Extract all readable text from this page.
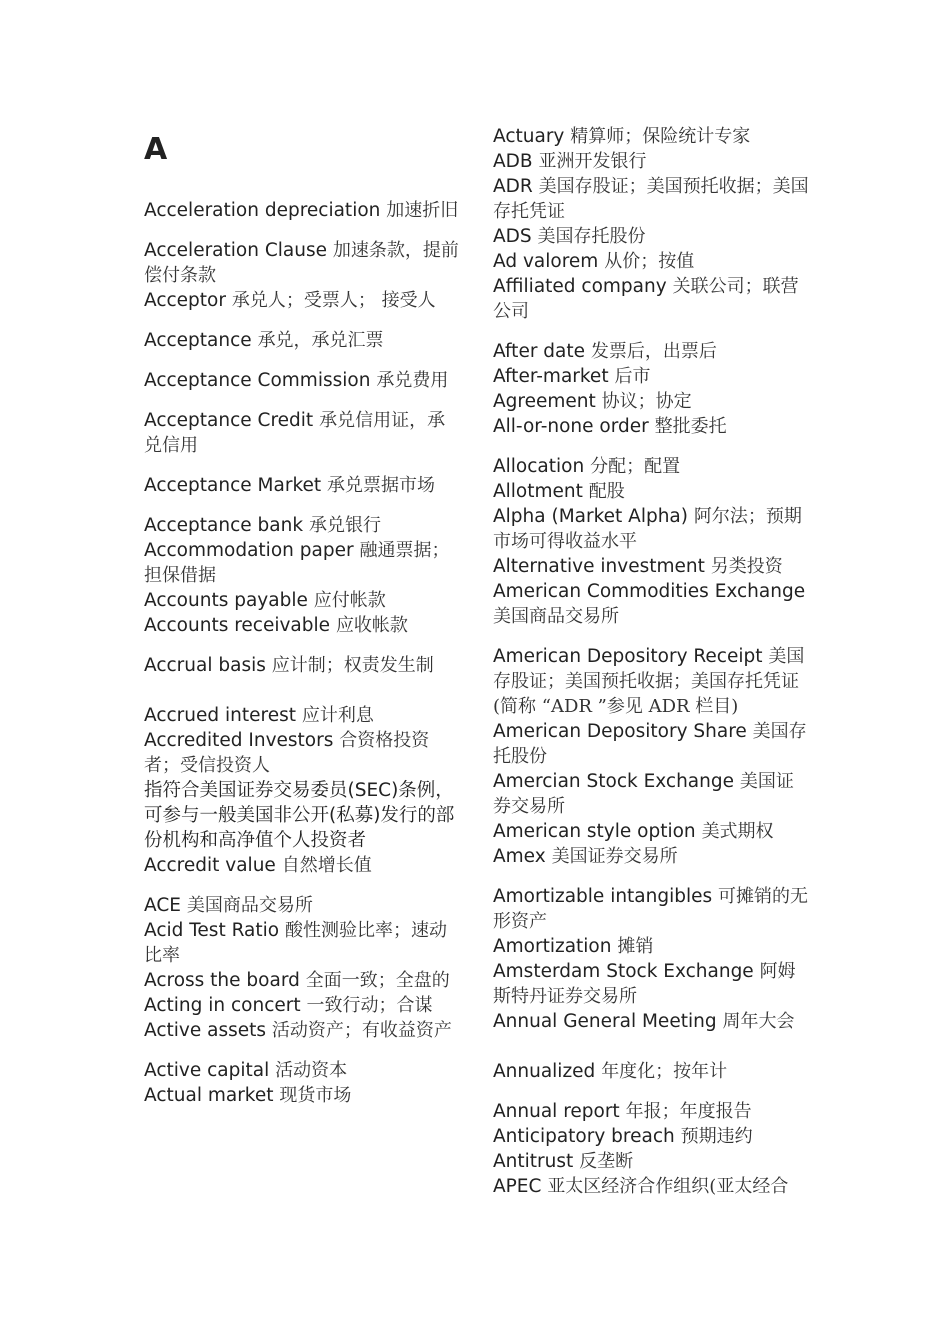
A
Acceleration depreciation 加速折旧
Acceleration Clause 加速条款，提前偿付条款
Acceptor 承兑人；受票人； 接受人
Acceptance 承兑，承兑汇票
Acceptance Commission 承兑费用
Acceptance Credit 承兑信用证，承兑信用
Acceptance Market 承兑票据市场
Acceptance bank 承兑银行
Accommodation paper 融通票据；担保借据
Accounts payable 应付帐款
Accounts receivable 应收帐款
Accrual basis 应计制；权责发生制
Accrued interest 应计利息
Accredited Investors 合资格投资者；受信投资人
指符合美国证券交易委员(SEC)条例，可参与一般美国非公开(私募)发行的部份机构和高净值个人投资者
Accredit value 自然增长值
ACE 美国商品交易所
Acid Test Ratio 酸性测验比率；速动比率
Across the board 全面一致；全盘的
Acting in concert 一致行动；合谋
Active assets 活动资产；有收益资产
Active capital 活动资本
Actual market 现货市场
Actuary 精算师；保险统计专家
ADB 亚洲开发银行
ADR 美国存股证；美国预托收据；美国存托凭证
ADS 美国存托股份
Ad valorem 从价；按值
Affiliated company 关联公司；联营公司
After date 发票后，出票后
After-market 后市
Agreement 协议；协定
All-or-none order 整批委托
Allocation 分配；配置
Allotment 配股
Alpha (Market Alpha) 阿尔法；预期市场可得收益水平
Alternative investment 另类投资
American Commodities Exchange 美国商品交易所
American Depository Receipt 美国存股证；美国预托收据；美国存托凭证 (简称 “ADR ”参见 ADR 栏目)
American Depository Share 美国存托股份
Amercian Stock Exchange 美国证券交易所
American style option 美式期权
Amex 美国证券交易所
Amortizable intangibles 可摊销的无形资产
Amortization 摊销
Amsterdam Stock Exchange 阿姆斯特丹证券交易所
Annual General Meeting 周年大会
Annualized 年度化；按年计
Annual report 年报；年度报告
Anticipatory breach 预期违约
Antitrust 反垄断
APEC 亚太区经济合作组织(亚太经合
